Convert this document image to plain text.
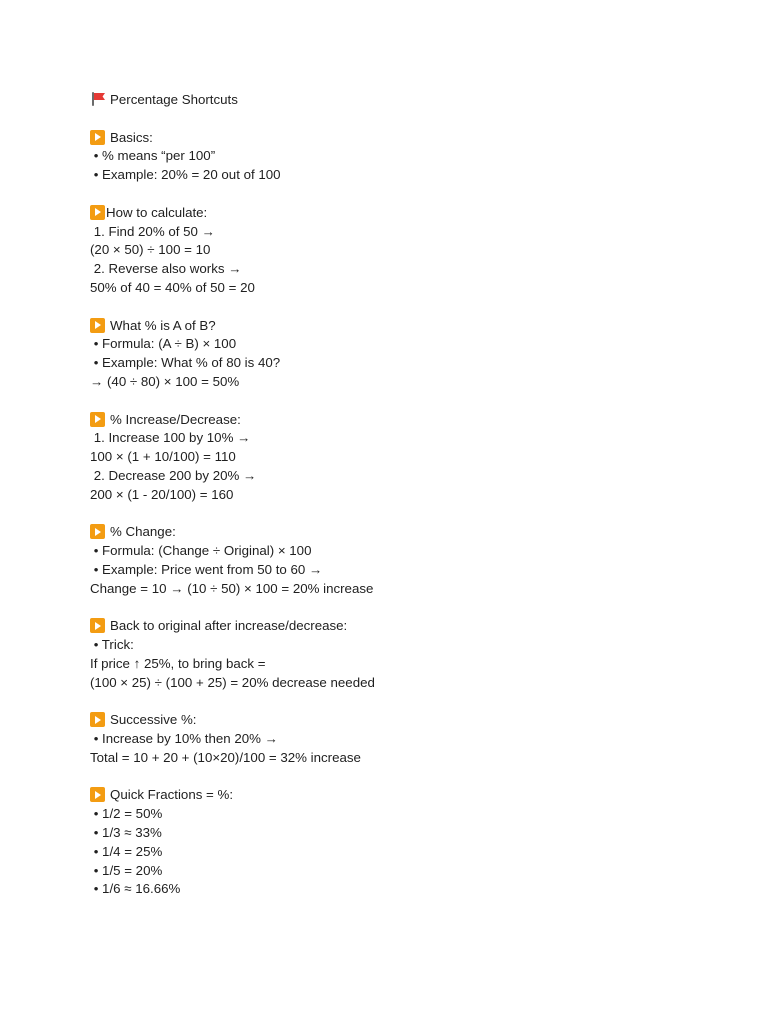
Percentage Shortcuts
Basics:
• % means “per 100”
• Example: 20% = 20 out of 100
How to calculate:
1. Find 20% of 50 →
(20 × 50) ÷ 100 = 10
2. Reverse also works →
50% of 40 = 40% of 50 = 20
What % is A of B?
• Formula: (A ÷ B) × 100
• Example: What % of 80 is 40?
→ (40 ÷ 80) × 100 = 50%
% Increase/Decrease:
1. Increase 100 by 10% →
100 × (1 + 10/100) = 110
2. Decrease 200 by 20% →
200 × (1 - 20/100) = 160
% Change:
• Formula: (Change ÷ Original) × 100
• Example: Price went from 50 to 60 →
Change = 10 → (10 ÷ 50) × 100 = 20% increase
Back to original after increase/decrease:
• Trick:
If price ↑ 25%, to bring back =
(100 × 25) ÷ (100 + 25) = 20% decrease needed
Successive %:
• Increase by 10% then 20% →
Total = 10 + 20 + (10×20)/100 = 32% increase
Quick Fractions = %:
• 1/2 = 50%
• 1/3 ≈ 33%
• 1/4 = 25%
• 1/5 = 20%
• 1/6 ≈ 16.66%
